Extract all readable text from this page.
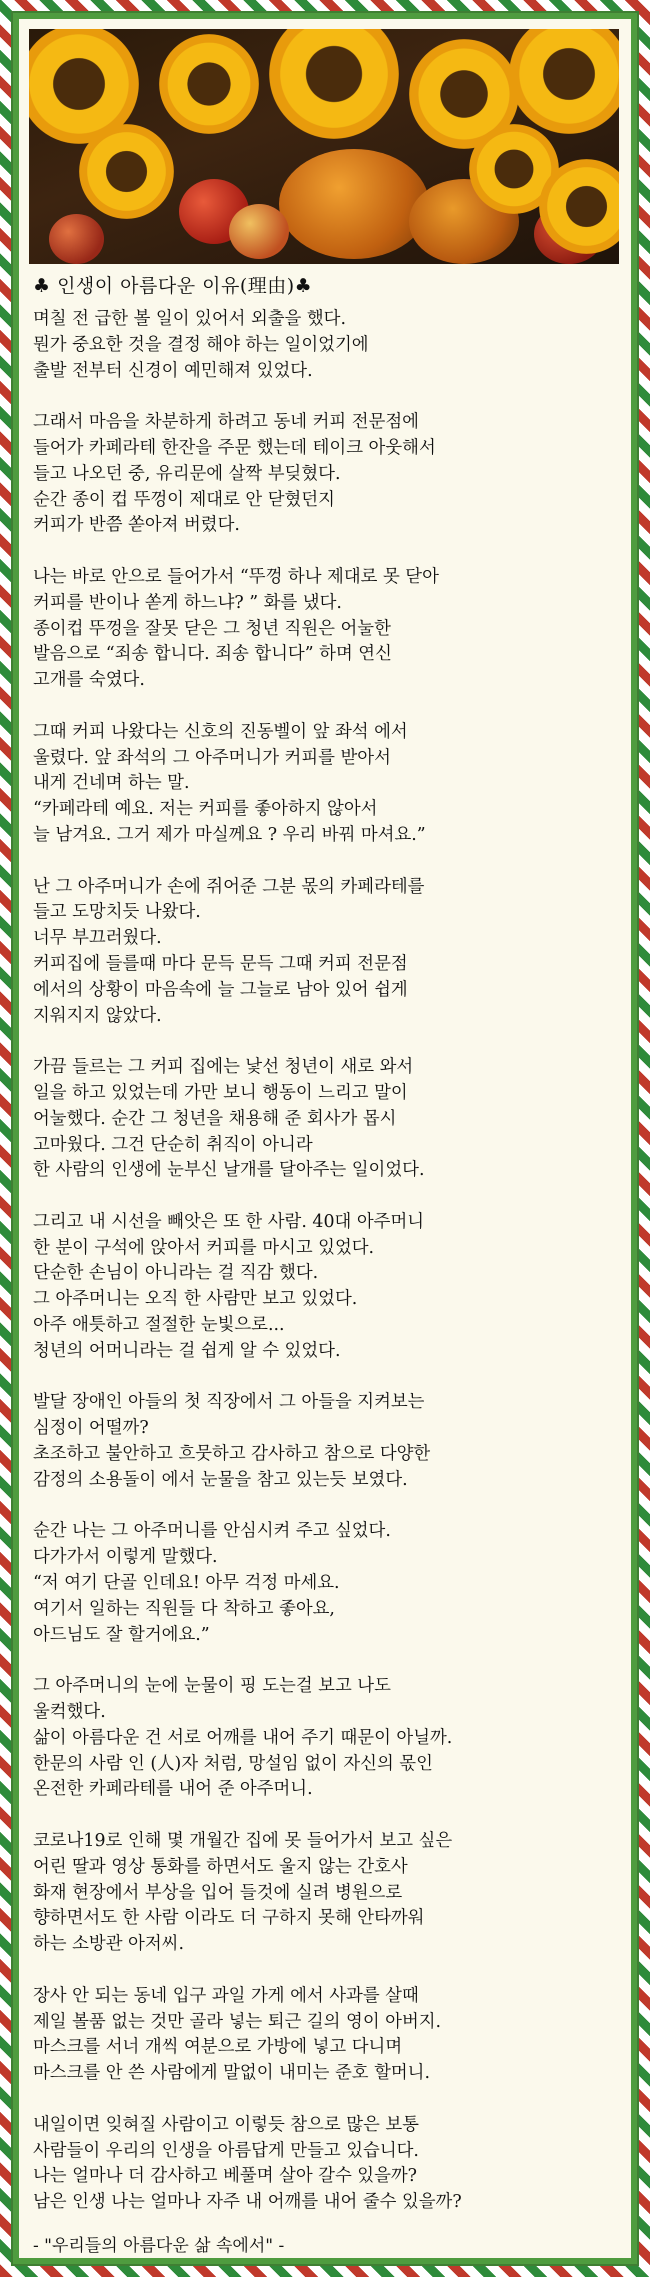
♣ 인생이 아름다운 이유(理由)♣

며칠 전 급한 볼 일이 있어서 외출을 했다.
뭔가 중요한 것을 결정 해야 하는 일이었기에
출발 전부터 신경이 예민해져 있었다.

그래서 마음을 차분하게 하려고 동네 커피 전문점에
들어가 카페라테 한잔을 주문 했는데 테이크 아웃해서
들고 나오던 중, 유리문에 살짝 부딪혔다.
순간 종이 컵 뚜껑이 제대로 안 닫혔던지
커피가 반쯤 쏟아져 버렸다.

나는 바로 안으로 들어가서 “뚜껑 하나 제대로 못 닫아
커피를 반이나 쏟게 하느냐? ” 화를 냈다.
종이컵 뚜껑을 잘못 닫은 그 청년 직원은 어눌한
발음으로 “죄송 합니다. 죄송 합니다” 하며 연신
고개를 숙였다.

그때 커피 나왔다는 신호의 진동벨이 앞 좌석 에서
울렸다. 앞 좌석의 그 아주머니가 커피를 받아서
내게 건네며 하는 말.
“카페라테 예요. 저는 커피를 좋아하지 않아서
늘 남겨요. 그거 제가 마실께요 ? 우리 바꿔 마셔요.”

난 그 아주머니가 손에 쥐어준 그분 몫의 카페라테를
들고 도망치듯 나왔다.
너무 부끄러웠다.
커피집에 들를때 마다 문득 문득 그때 커피 전문점
에서의 상황이 마음속에 늘 그늘로 남아 있어 쉽게
지워지지 않았다.

가끔 들르는 그 커피 집에는 낯선 청년이 새로 와서
일을 하고 있었는데 가만 보니 행동이 느리고 말이
어눌했다. 순간 그 청년을 채용해 준 회사가 몹시
고마웠다. 그건 단순히 취직이 아니라
한 사람의 인생에 눈부신 날개를 달아주는 일이었다.

그리고 내 시선을 빼앗은 또 한 사람. 40대 아주머니
한 분이 구석에 앉아서 커피를 마시고 있었다.
단순한 손님이 아니라는 걸 직감 했다.
그 아주머니는 오직 한 사람만 보고 있었다.
아주 애틋하고 절절한 눈빛으로...
청년의 어머니라는 걸 쉽게 알 수 있었다.

발달 장애인 아들의 첫 직장에서 그 아들을 지켜보는
심정이 어떨까?
초조하고 불안하고 흐뭇하고 감사하고 참으로 다양한
감정의 소용돌이 에서 눈물을 참고 있는듯 보였다.

순간 나는 그 아주머니를 안심시켜 주고 싶었다.
다가가서 이렇게 말했다.
“저 여기 단골 인데요! 아무 걱정 마세요.
여기서 일하는 직원들 다 착하고 좋아요,
아드님도 잘 할거에요.”

그 아주머니의 눈에 눈물이 핑 도는걸 보고 나도
울컥했다.
삶이 아름다운 건 서로 어깨를 내어 주기 때문이 아닐까.
한문의 사람 인 (人)자 처럼, 망설임 없이 자신의 몫인
온전한 카페라테를 내어 준 아주머니.

코로나19로 인해 몇 개월간 집에 못 들어가서 보고 싶은
어린 딸과 영상 통화를 하면서도 울지 않는 간호사
화재 현장에서 부상을 입어 들것에 실려 병원으로
향하면서도 한 사람 이라도 더 구하지 못해 안타까워
하는 소방관 아저씨.

장사 안 되는 동네 입구 과일 가게 에서 사과를 살때
제일 볼품 없는 것만 골라 넣는 퇴근 길의 영이 아버지.
마스크를 서너 개씩 여분으로 가방에 넣고 다니며
마스크를 안 쓴 사람에게 말없이 내미는 준호 할머니.

내일이면 잊혀질 사람이고 이렇듯 참으로 많은 보통
사람들이 우리의 인생을 아름답게 만들고 있습니다.
나는 얼마나 더 감사하고 베풀며 살아 갈수 있을까?
남은 인생 나는 얼마나 자주 내 어깨를 내어 줄수 있을까?

- "우리들의 아름다운 삶 속에서" -
